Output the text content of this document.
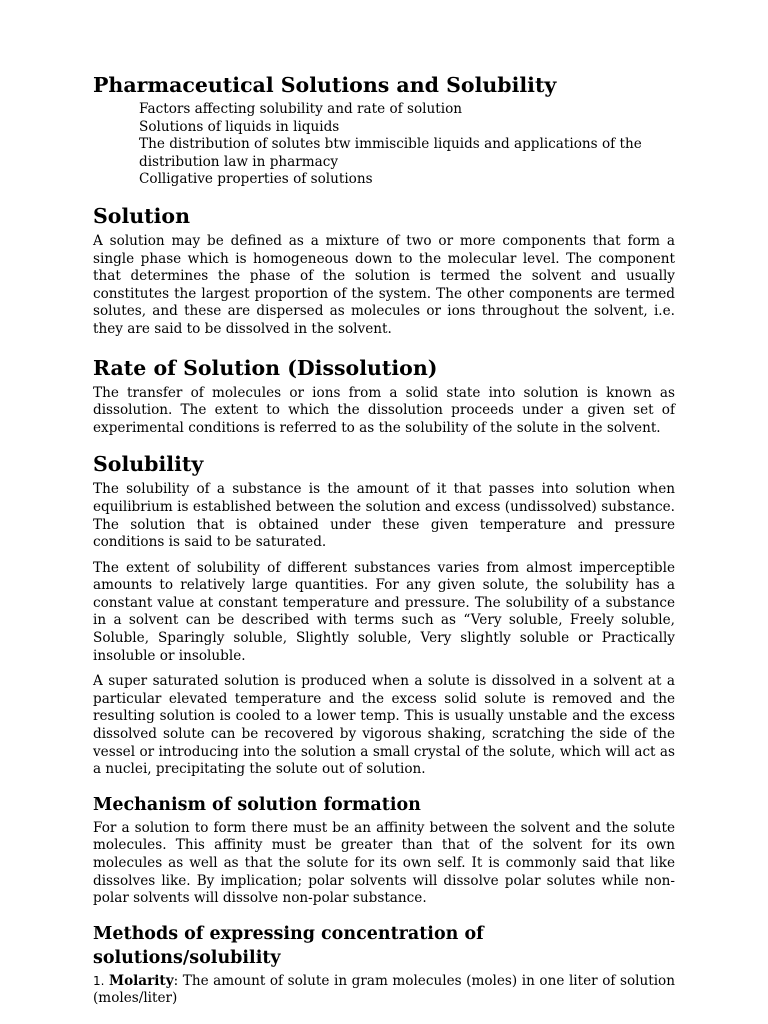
Pharmaceutical Solutions and Solubility
Factors affecting solubility and rate of solution
Solutions of liquids in liquids
The distribution of solutes btw immiscible liquids and applications of the distribution law in pharmacy
Colligative properties of solutions
Solution

A solution may be defined as a mixture of two or more components that form a single phase which is homogeneous down to the molecular level. The component that determines the phase of the solution is termed the solvent and usually constitutes the largest proportion of the system. The other components are termed solutes, and these are dispersed as molecules or ions throughout the solvent, i.e. they are said to be dissolved in the solvent.

Rate of Solution (Dissolution)

The transfer of molecules or ions from a solid state into solution is known as dissolution. The extent to which the dissolution proceeds under a given set of experimental conditions is referred to as the solubility of the solute in the solvent.

Solubility

The solubility of a substance is the amount of it that passes into solution when equilibrium is established between the solution and excess (undissolved) substance. The solution that is obtained under these given temperature and pressure conditions is said to be saturated.

The extent of solubility of different substances varies from almost imperceptible amounts to relatively large quantities. For any given solute, the solubility has a constant value at constant temperature and pressure. The solubility of a substance in a solvent can be described with terms such as “Very soluble, Freely soluble, Soluble, Sparingly soluble, Slightly soluble, Very slightly soluble or Practically insoluble or insoluble.

A super saturated solution is produced when a solute is dissolved in a solvent at a particular elevated temperature and the excess solid solute is removed and the resulting solution is cooled to a lower temp. This is usually unstable and the excess dissolved solute can be recovered by vigorous shaking, scratching the side of the vessel or introducing into the solution a small crystal of the solute, which will act as a nuclei, precipitating the solute out of solution.

Mechanism of solution formation

For a solution to form there must be an affinity between the solvent and the solute molecules. This affinity must be greater than that of the solvent for its own molecules as well as that the solute for its own self. It is commonly said that like dissolves like. By implication; polar solvents will dissolve polar solutes while non-polar solvents will dissolve non-polar substance.

Methods of expressing concentration of solutions/solubility

1. Molarity: The amount of solute in gram molecules (moles) in one liter of solution (moles/liter)
